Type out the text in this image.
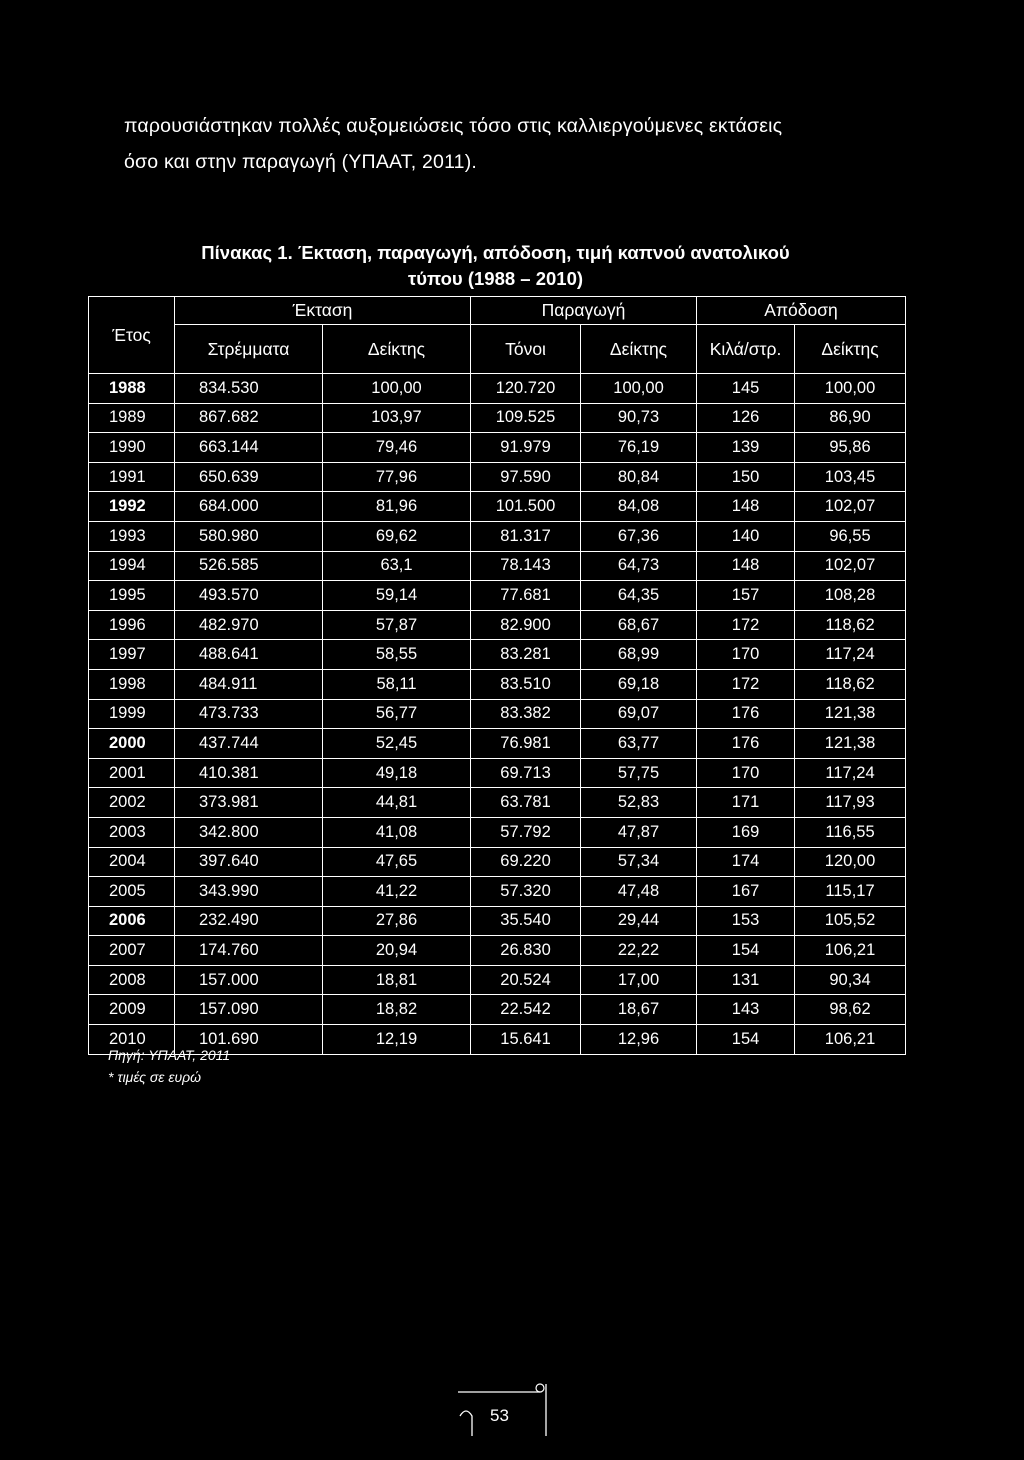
παρουσιάστηκαν πολλές αυξομειώσεις τόσο στις καλλιεργούμενες εκτάσεις

όσο και στην παραγωγή (ΥΠΑΑΤ, 2011).

Πίνακας 1. Έκταση, παραγωγή, απόδοση, τιμή καπνού ανατολικού
τύπου (1988 – 2010)
Έτος	Έκταση		Παραγωγή		Απόδοση	
	Στρέμματα	Δείκτης	Τόνοι	Δείκτης	Κιλά/στρ.	Δείκτης
1988	834.530	100,00	120.720	100,00	145	100,00
1989	867.682	103,97	109.525	90,73	126	86,90
1990	663.144	79,46	91.979	76,19	139	95,86
1991	650.639	77,96	97.590	80,84	150	103,45
1992	684.000	81,96	101.500	84,08	148	102,07
1993	580.980	69,62	81.317	67,36	140	96,55
1994	526.585	63,1	78.143	64,73	148	102,07
1995	493.570	59,14	77.681	64,35	157	108,28
1996	482.970	57,87	82.900	68,67	172	118,62
1997	488.641	58,55	83.281	68,99	170	117,24
1998	484.911	58,11	83.510	69,18	172	118,62
1999	473.733	56,77	83.382	69,07	176	121,38
2000	437.744	52,45	76.981	63,77	176	121,38
2001	410.381	49,18	69.713	57,75	170	117,24
2002	373.981	44,81	63.781	52,83	171	117,93
2003	342.800	41,08	57.792	47,87	169	116,55
2004	397.640	47,65	69.220	57,34	174	120,00
2005	343.990	41,22	57.320	47,48	167	115,17
2006	232.490	27,86	35.540	29,44	153	105,52
2007	174.760	20,94	26.830	22,22	154	106,21
2008	157.000	18,81	20.524	17,00	131	90,34
2009	157.090	18,82	22.542	18,67	143	98,62
2010	101.690	12,19	15.641	12,96	154	106,21
Πηγή: ΥΠΑΑΤ, 2011
* τιμές σε ευρώ
53
